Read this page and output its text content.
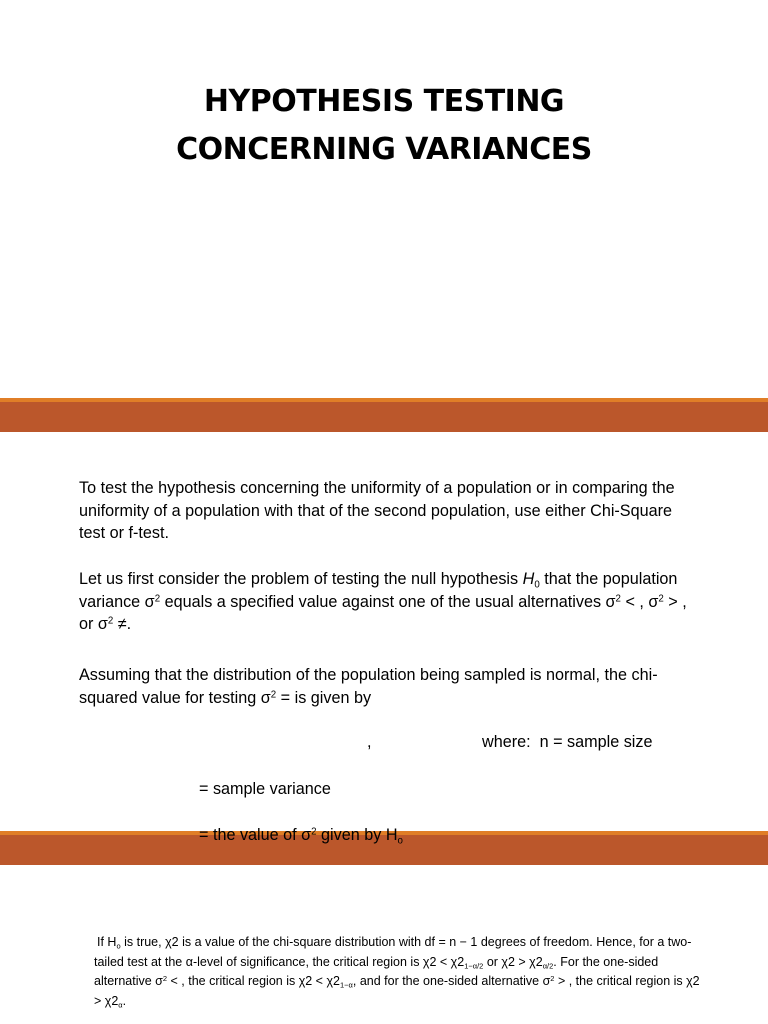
HYPOTHESIS TESTING
CONCERNING VARIANCES
To test the hypothesis concerning the uniformity of a population or in comparing the uniformity of a population with that of the second population, use either Chi-Square test or f-test.
Let us first consider the problem of testing the null hypothesis $H_0$ that the population variance $\sigma^2$ equals a specified value against one of the usual alternatives $\sigma^2$ < , $\sigma^2$ > , or $\sigma^2$ ≠.
Assuming that the distribution of the population being sampled is normal, the chi-squared value for testing $\sigma^2$ = is given by
,	where:  n = sample size
= sample variance
= the value of $\sigma^2$ given by $H_o$
If $H_o$ is true, χ2 is a value of the chi-square distribution with df = n − 1 degrees of freedom. Hence, for a two-tailed test at the α-level of significance, the critical region is $\chi 2 < \chi 2_{1-\alpha/2}$ or $\chi 2 > \chi 2_{\alpha/2}$. For the one-sided alternative $\sigma^2$ < , the critical region is $\chi 2 < \chi 2_{1-\alpha}$, and for the one-sided alternative $\sigma^2$ > , the critical region is $\chi 2 > \chi 2_\alpha$.
